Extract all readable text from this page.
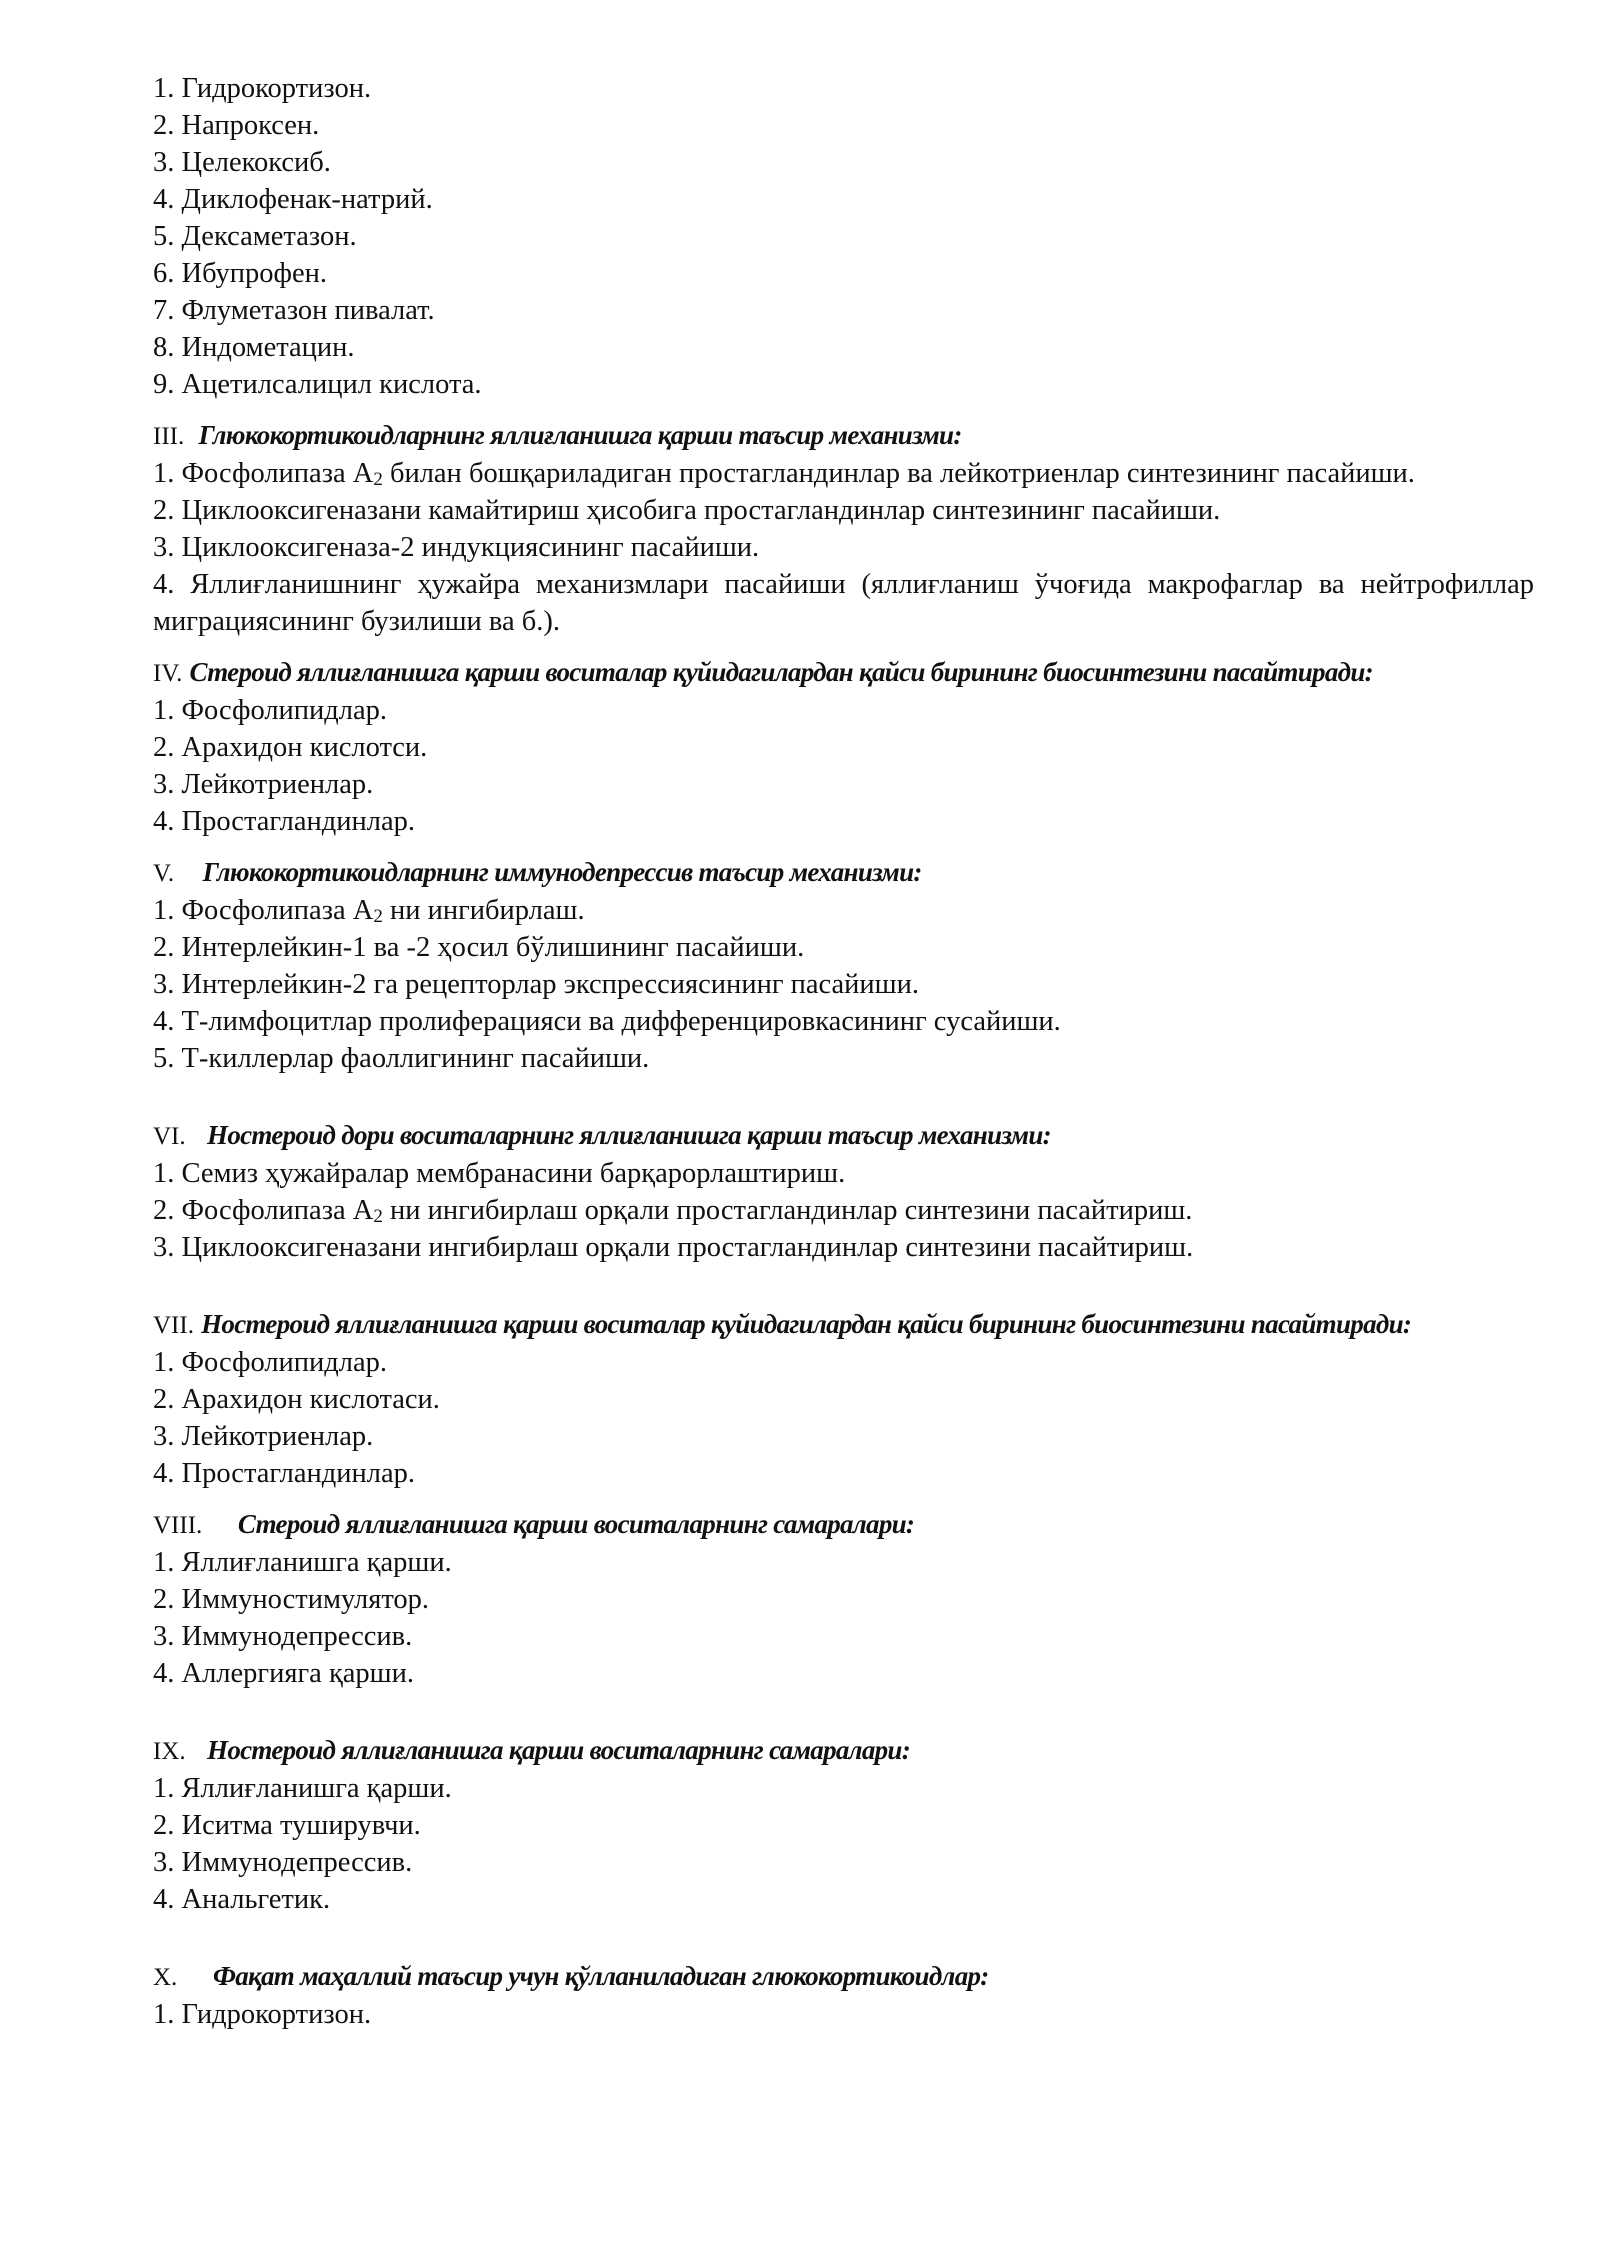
1. Гидрокортизон.

2. Напроксен.

3. Целекоксиб.

4. Диклофенак-натрий.

5. Дексаметазон.

6. Ибупрофен.

7. Флуметазон пивалат.

8. Индометацин.

9. Ацетилсалицил кислота.

III. Глюкокортикоидларнинг яллиғланишга қарши таъсир механизми:

1. Фосфолипаза $А_2$ билан бошқариладиган простагландинлар ва лейкотриенлар синтезининг пасайиши.

2. Циклооксигеназани камайтириш ҳисобига простагландинлар синтезининг пасайиши.

3. Циклооксигеназа-2 индукциясининг пасайиши.

4. Яллиғланишнинг ҳужайра механизмлари пасайиши (яллиғланиш ўчоғида макрофаглар ва нейтрофиллар миграциясининг бузилиши ва б.).

IV. Стероид яллиғланишга қарши воситалар қуйидагилардан қайси бирининг биосинтезини пасайтиради:

1. Фосфолипидлар.

2. Арахидон кислотси.

3. Лейкотриенлар.

4. Простагландинлар.

V. Глюкокортикоидларнинг иммунодепрессив таъсир механизми:

1. Фосфолипаза $А_2$ ни ингибирлаш.

2. Интерлейкин-1 ва -2 ҳосил бўлишининг пасайиши.

3. Интерлейкин-2 га рецепторлар экспрессиясининг пасайиши.

4. Т-лимфоцитлар пролиферацияси ва дифференцировкасининг сусайиши.

5. Т-киллерлар фаоллигининг пасайиши.

VI. Ностероид дори воситаларнинг яллиғланишга қарши таъсир механизми:

1. Семиз ҳужайралар мембранасини барқарорлаштириш.

2. Фосфолипаза $А_2$ ни ингибирлаш орқали простагландинлар синтезини пасайтириш.

3. Циклооксигеназани ингибирлаш орқали простагландинлар синтезини пасайтириш.

VII. Ностероид яллиғланишга қарши воситалар қуйидагилардан қайси бирининг биосинтезини пасайтиради:

1. Фосфолипидлар.

2. Арахидон кислотаси.

3. Лейкотриенлар.

4. Простагландинлар.

VIII. Стероид яллиғланишга қарши воситаларнинг самаралари:

1. Яллиғланишга қарши.

2. Иммуностимулятор.

3. Иммунодепрессив.

4. Аллергияга қарши.

IX. Ностероид яллиғланишга қарши воситаларнинг самаралари:

1. Яллиғланишга қарши.

2. Иситма туширувчи.

3. Иммунодепрессив.

4. Анальгетик.

X. Фақат маҳаллий таъсир учун қўлланиладиган глюкокортикоидлар:

1. Гидрокортизон.
